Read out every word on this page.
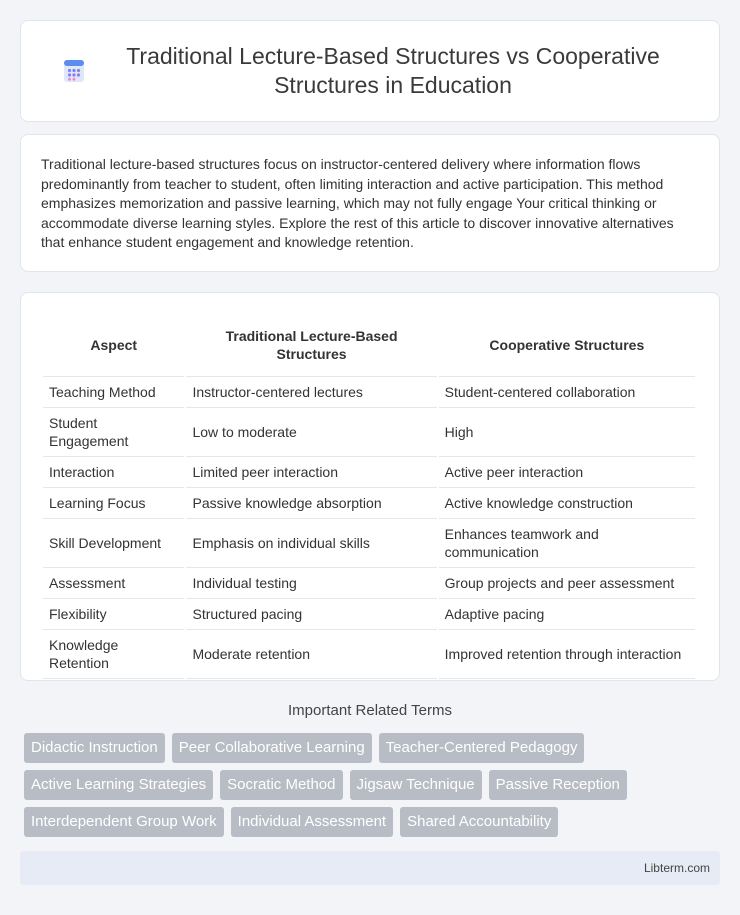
Traditional Lecture-Based Structures vs Cooperative Structures in Education

Traditional lecture-based structures focus on instructor-centered delivery where information flows predominantly from teacher to student, often limiting interaction and active participation. This method emphasizes memorization and passive learning, which may not fully engage Your critical thinking or accommodate diverse learning styles. Explore the rest of this article to discover innovative alternatives that enhance student engagement and knowledge retention.

Aspect	Traditional Lecture-Based Structures	Cooperative Structures
Teaching Method	Instructor-centered lectures	Student-centered collaboration
Student Engagement	Low to moderate	High
Interaction	Limited peer interaction	Active peer interaction
Learning Focus	Passive knowledge absorption	Active knowledge construction
Skill Development	Emphasis on individual skills	Enhances teamwork and communication
Assessment	Individual testing	Group projects and peer assessment
Flexibility	Structured pacing	Adaptive pacing
Knowledge Retention	Moderate retention	Improved retention through interaction
Important Related Terms
Didactic Instruction	Peer Collaborative Learning	Teacher-Centered Pedagogy
Active Learning Strategies	Socratic Method	Jigsaw Technique	Passive Reception
Interdependent Group Work	Individual Assessment	Shared Accountability
Libterm.com
